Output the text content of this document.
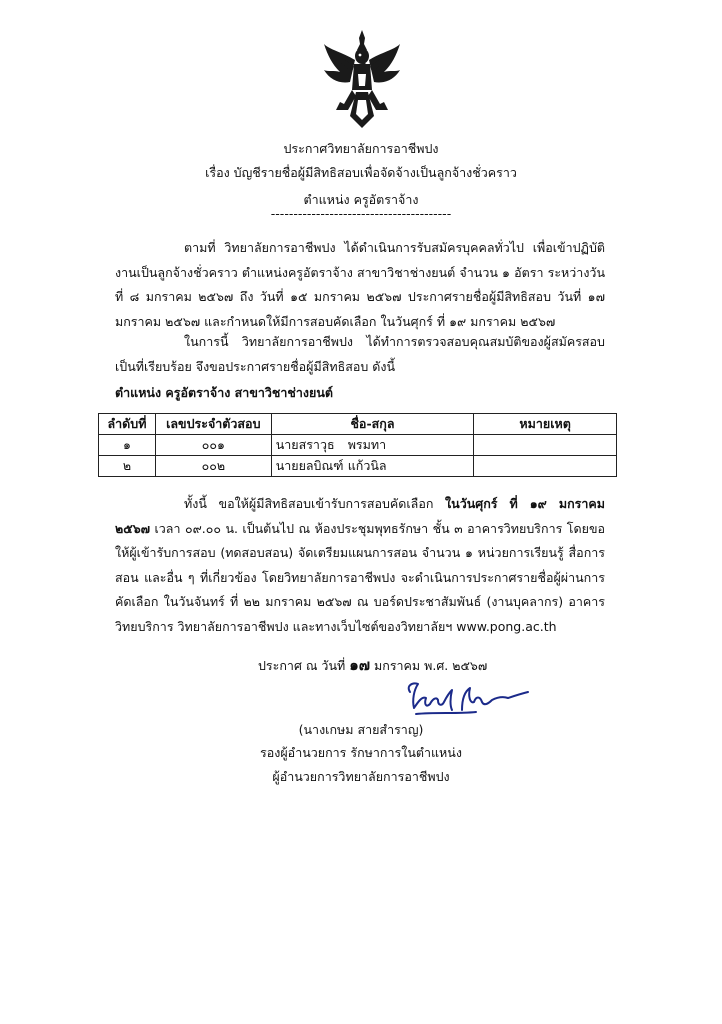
ประกาศวิทยาลัยการอาชีพปง
เรื่อง บัญชีรายชื่อผู้มีสิทธิสอบเพื่อจัดจ้างเป็นลูกจ้างชั่วคราว
ตำแหน่ง ครูอัตราจ้าง
----------------------------------------
ตามที่ วิทยาลัยการอาชีพปง ได้ดำเนินการรับสมัครบุคคลทั่วไป เพื่อเข้าปฏิบัติงานเป็นลูกจ้างชั่วคราว ตำแหน่งครูอัตราจ้าง สาขาวิชาช่างยนต์ จำนวน ๑ อัตรา ระหว่างวันที่ ๘ มกราคม ๒๕๖๗ ถึง วันที่ ๑๕ มกราคม ๒๕๖๗ ประกาศรายชื่อผู้มีสิทธิสอบ วันที่ ๑๗ มกราคม ๒๕๖๗ และกำหนดให้มีการสอบคัดเลือก ในวันศุกร์ ที่ ๑๙ มกราคม ๒๕๖๗
ในการนี้ วิทยาลัยการอาชีพปง ได้ทำการตรวจสอบคุณสมบัติของผู้สมัครสอบเป็นที่เรียบร้อย จึงขอประกาศรายชื่อผู้มีสิทธิสอบ ดังนี้
ตำแหน่ง ครูอัตราจ้าง สาขาวิชาช่างยนต์
ลำดับที่	เลขประจำตัวสอบ	ชื่อ-สกุล	หมายเหตุ
๑	๐๐๑	นายสราวุธ พรมทา	
๒	๐๐๒	นายยลบิณฑ์ แก้วนิล	
ทั้งนี้ ขอให้ผู้มีสิทธิสอบเข้ารับการสอบคัดเลือก ในวันศุกร์ ที่ ๑๙ มกราคม ๒๕๖๗ เวลา ๐๙.๐๐ น. เป็นต้นไป ณ ห้องประชุมพุทธรักษา ชั้น ๓ อาคารวิทยบริการ โดยขอให้ผู้เข้ารับการสอบ (ทดสอบสอน) จัดเตรียมแผนการสอน จำนวน ๑ หน่วยการเรียนรู้ สื่อการสอน และอื่น ๆ ที่เกี่ยวข้อง โดยวิทยาลัยการอาชีพปง จะดำเนินการประกาศรายชื่อผู้ผ่านการคัดเลือก ในวันจันทร์ ที่ ๒๒ มกราคม ๒๕๖๗ ณ บอร์ดประชาสัมพันธ์ (งานบุคลากร) อาคารวิทยบริการ วิทยาลัยการอาชีพปง และทางเว็บไซต์ของวิทยาลัยฯ www.pong.ac.th
ประกาศ ณ วันที่ ๑๗ มกราคม พ.ศ. ๒๕๖๗
(นางเกษม สายสำราญ)
รองผู้อำนวยการ รักษาการในตำแหน่ง
ผู้อำนวยการวิทยาลัยการอาชีพปง
